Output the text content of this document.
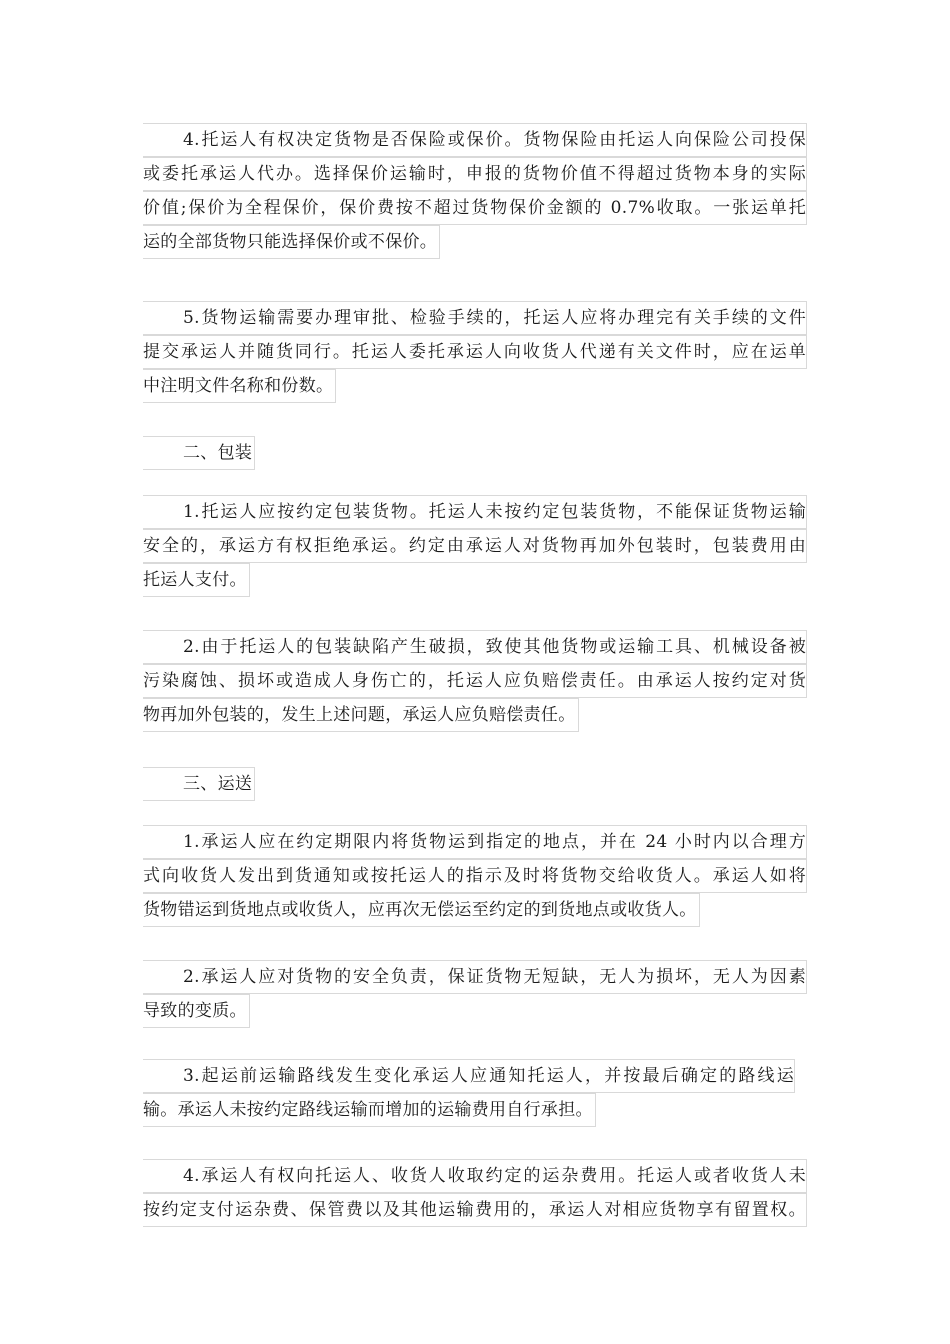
4.托运人有权决定货物是否保险或保价。货物保险由托运人向保险公司投保
或委托承运人代办。选择保价运输时，申报的货物价值不得超过货物本身的实际
价值;保价为全程保价，保价费按不超过货物保价金额的 0.7%收取。一张运单托
运的全部货物只能选择保价或不保价。
5.货物运输需要办理审批、检验手续的，托运人应将办理完有关手续的文件
提交承运人并随货同行。托运人委托承运人向收货人代递有关文件时，应在运单
中注明文件名称和份数。
二、包装
1.托运人应按约定包装货物。托运人未按约定包装货物，不能保证货物运输
安全的，承运方有权拒绝承运。约定由承运人对货物再加外包装时，包装费用由
托运人支付。
2.由于托运人的包装缺陷产生破损，致使其他货物或运输工具、机械设备被
污染腐蚀、损坏或造成人身伤亡的，托运人应负赔偿责任。由承运人按约定对货
物再加外包装的，发生上述问题，承运人应负赔偿责任。
三、运送
1.承运人应在约定期限内将货物运到指定的地点，并在 24 小时内以合理方
式向收货人发出到货通知或按托运人的指示及时将货物交给收货人。承运人如将
货物错运到货地点或收货人，应再次无偿运至约定的到货地点或收货人。
2.承运人应对货物的安全负责，保证货物无短缺，无人为损坏，无人为因素
导致的变质。
3.起运前运输路线发生变化承运人应通知托运人，并按最后确定的路线运
输。承运人未按约定路线运输而增加的运输费用自行承担。
4.承运人有权向托运人、收货人收取约定的运杂费用。托运人或者收货人未
按约定支付运杂费、保管费以及其他运输费用的，承运人对相应货物享有留置权。
